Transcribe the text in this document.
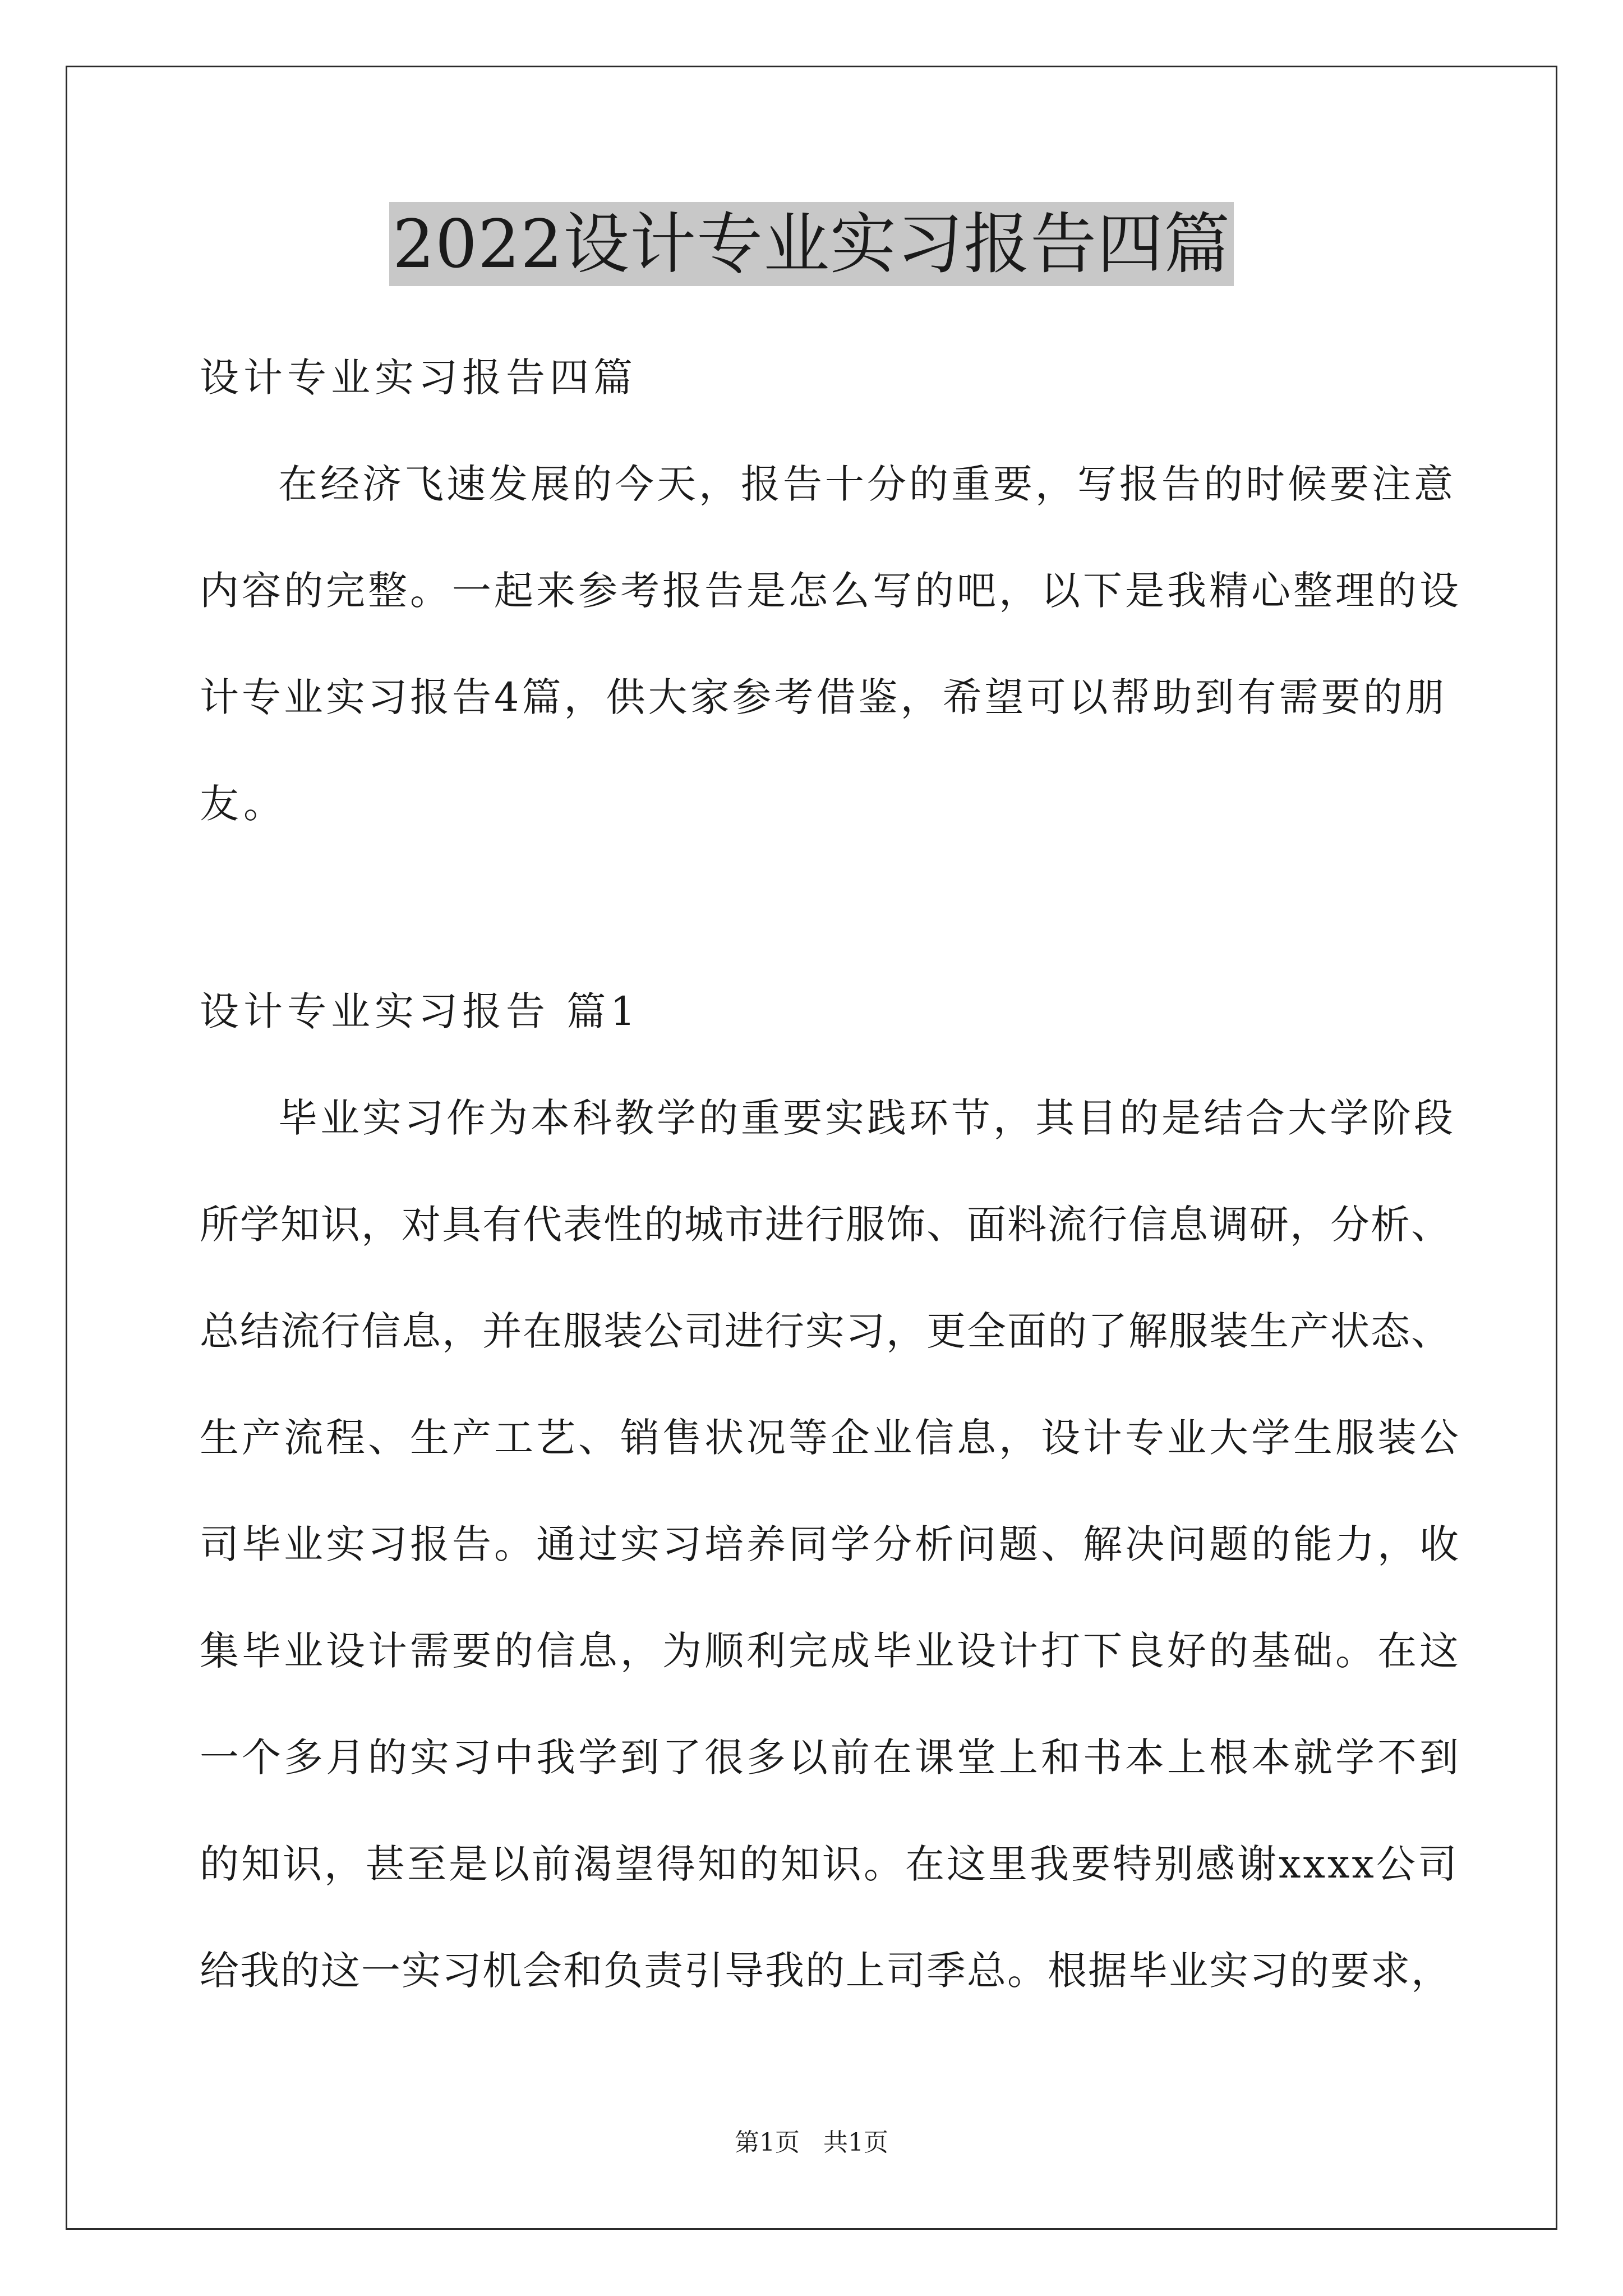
2022设计专业实习报告四篇
设计专业实习报告四篇
在经济飞速发展的今天，报告十分的重要，写报告的时候要注意
内容的完整。一起来参考报告是怎么写的吧，以下是我精心整理的设
计专业实习报告4篇，供大家参考借鉴，希望可以帮助到有需要的朋
友。
设计专业实习报告 篇1
毕业实习作为本科教学的重要实践环节，其目的是结合大学阶段
所学知识，对具有代表性的城市进行服饰、面料流行信息调研，分析、
总结流行信息，并在服装公司进行实习，更全面的了解服装生产状态、
生产流程、生产工艺、销售状况等企业信息，设计专业大学生服装公
司毕业实习报告。通过实习培养同学分析问题、解决问题的能力，收
集毕业设计需要的信息，为顺利完成毕业设计打下良好的基础。在这
一个多月的实习中我学到了很多以前在课堂上和书本上根本就学不到
的知识，甚至是以前渴望得知的知识。在这里我要特别感谢xxxx公司
给我的这一实习机会和负责引导我的上司季总。根据毕业实习的要求，
第1页   共1页
